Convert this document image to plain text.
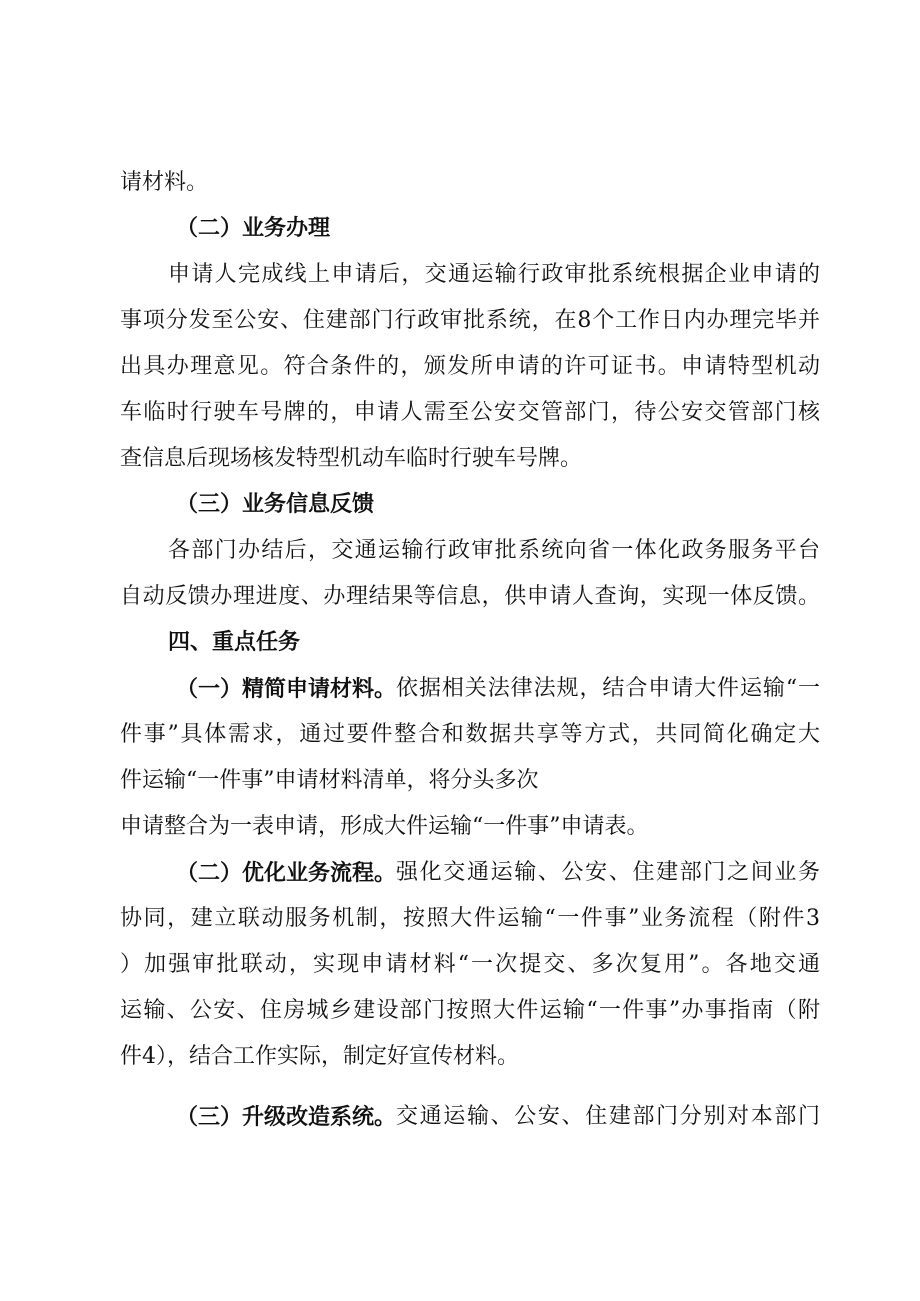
请材料。
（二）业务办理
申请人完成线上申请后，交通运输行政审批系统根据企业申请的
事项分发至公安、住建部门行政审批系统，在8个工作日内办理完毕并
出具办理意见。符合条件的，颁发所申请的许可证书。申请特型机动
车临时行驶车号牌的，申请人需至公安交管部门，待公安交管部门核
查信息后现场核发特型机动车临时行驶车号牌。
（三）业务信息反馈
各部门办结后，交通运输行政审批系统向省一体化政务服务平台
自动反馈办理进度、办理结果等信息，供申请人查询，实现一体反馈。
四、重点任务
（一）精简申请材料。 依据相关法律法规，结合申请大件运输“一
件事”具体需求，通过要件整合和数据共享等方式，共同简化确定大
件运输“一件事”申请材料清单，将分头多次
申请整合为一表申请，形成大件运输“一件事”申请表。
（二）优化业务流程。 强化交通运输、公安、住建部门之间业务
协同，建立联动服务机制，按照大件运输“一件事”业务流程（附件3
）加强审批联动，实现申请材料“一次提交、多次复用”。各地交通
运输、公安、住房城乡建设部门按照大件运输“一件事”办事指南（附
件4），结合工作实际，制定好宣传材料。
（三）升级改造系统。 交通运输、公安、住建部门分别对本部门
